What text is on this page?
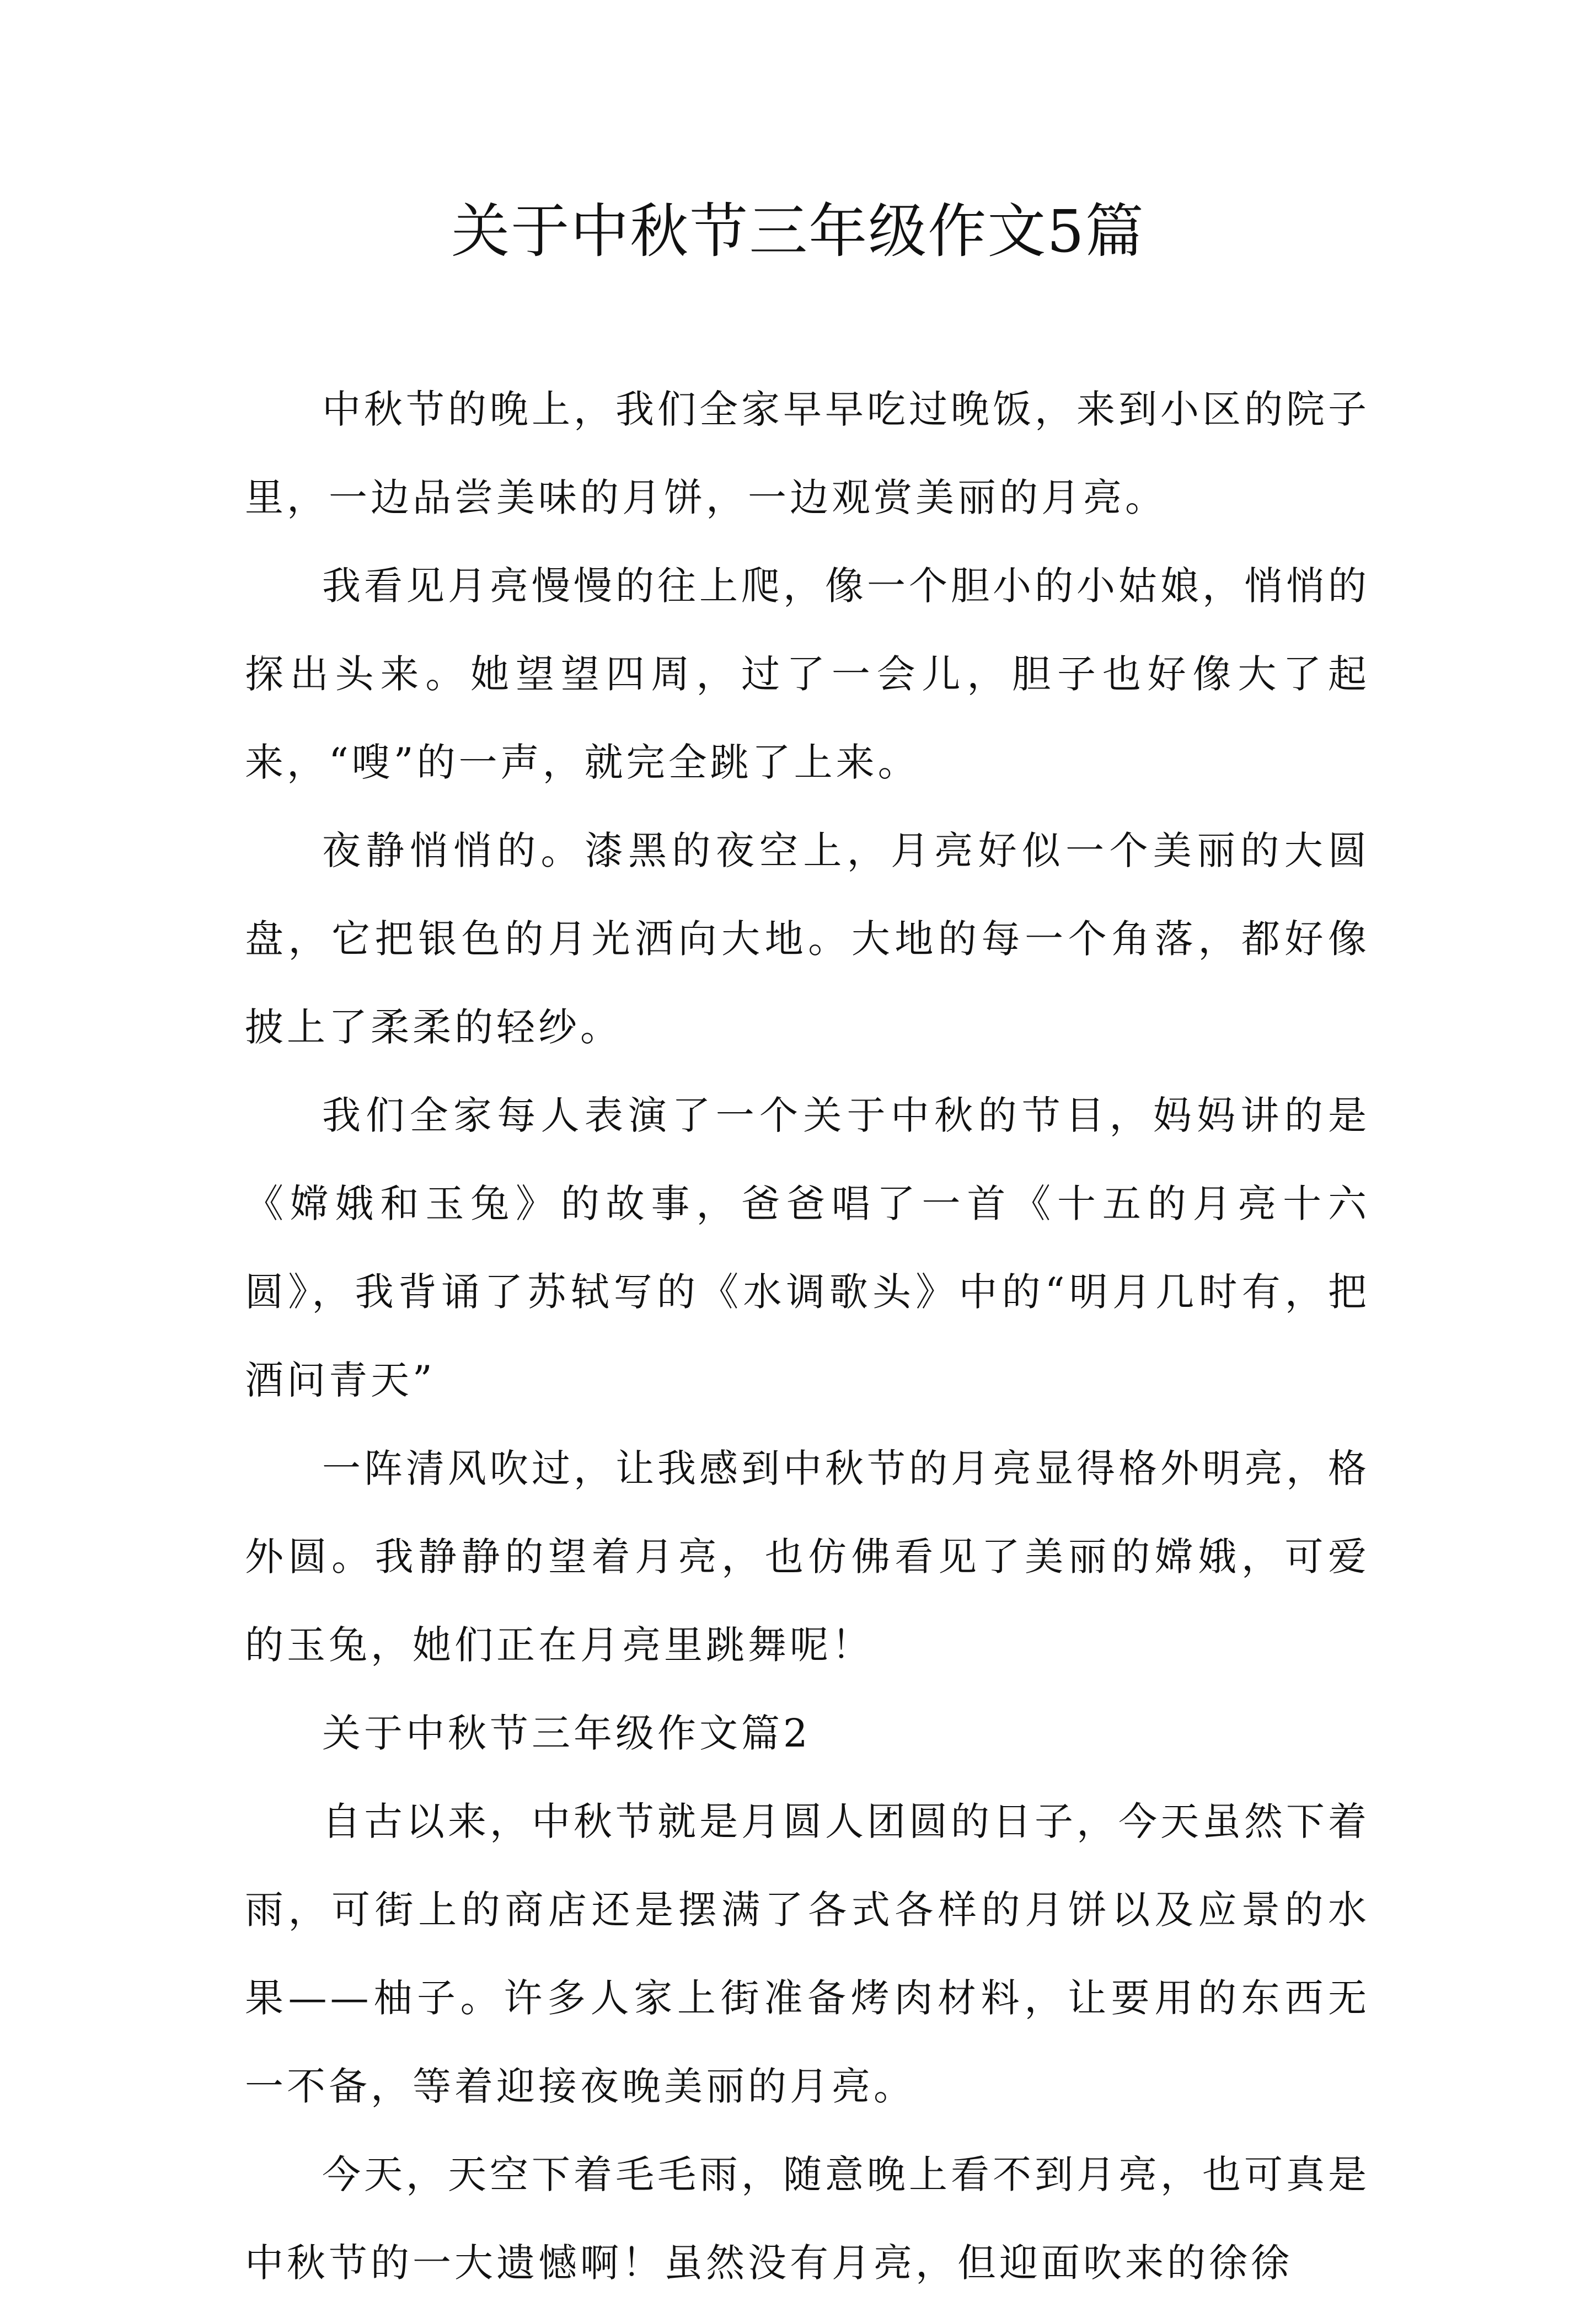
关于中秋节三年级作文5篇

中秋节的晚上，我们全家早早吃过晚饭，来到小区的院子里，一边品尝美味的月饼，一边观赏美丽的月亮。

我看见月亮慢慢的往上爬，像一个胆小的小姑娘，悄悄的探出头来。她望望四周，过了一会儿，胆子也好像大了起来，“嗖”的一声，就完全跳了上来。

夜静悄悄的。漆黑的夜空上，月亮好似一个美丽的大圆盘，它把银色的月光洒向大地。大地的每一个角落，都好像披上了柔柔的轻纱。

我们全家每人表演了一个关于中秋的节目，妈妈讲的是《嫦娥和玉兔》的故事，爸爸唱了一首《十五的月亮十六圆》，我背诵了苏轼写的《水调歌头》中的“明月几时有，把酒问青天”

一阵清风吹过，让我感到中秋节的月亮显得格外明亮，格外圆。我静静的望着月亮，也仿佛看见了美丽的嫦娥，可爱的玉兔，她们正在月亮里跳舞呢！

关于中秋节三年级作文篇2

自古以来，中秋节就是月圆人团圆的日子，今天虽然下着雨，可街上的商店还是摆满了各式各样的月饼以及应景的水果——柚子。许多人家上街准备烤肉材料，让要用的东西无一不备，等着迎接夜晚美丽的月亮。

今天，天空下着毛毛雨，随意晚上看不到月亮，也可真是中秋节的一大遗憾啊！虽然没有月亮，但迎面吹来的徐徐
